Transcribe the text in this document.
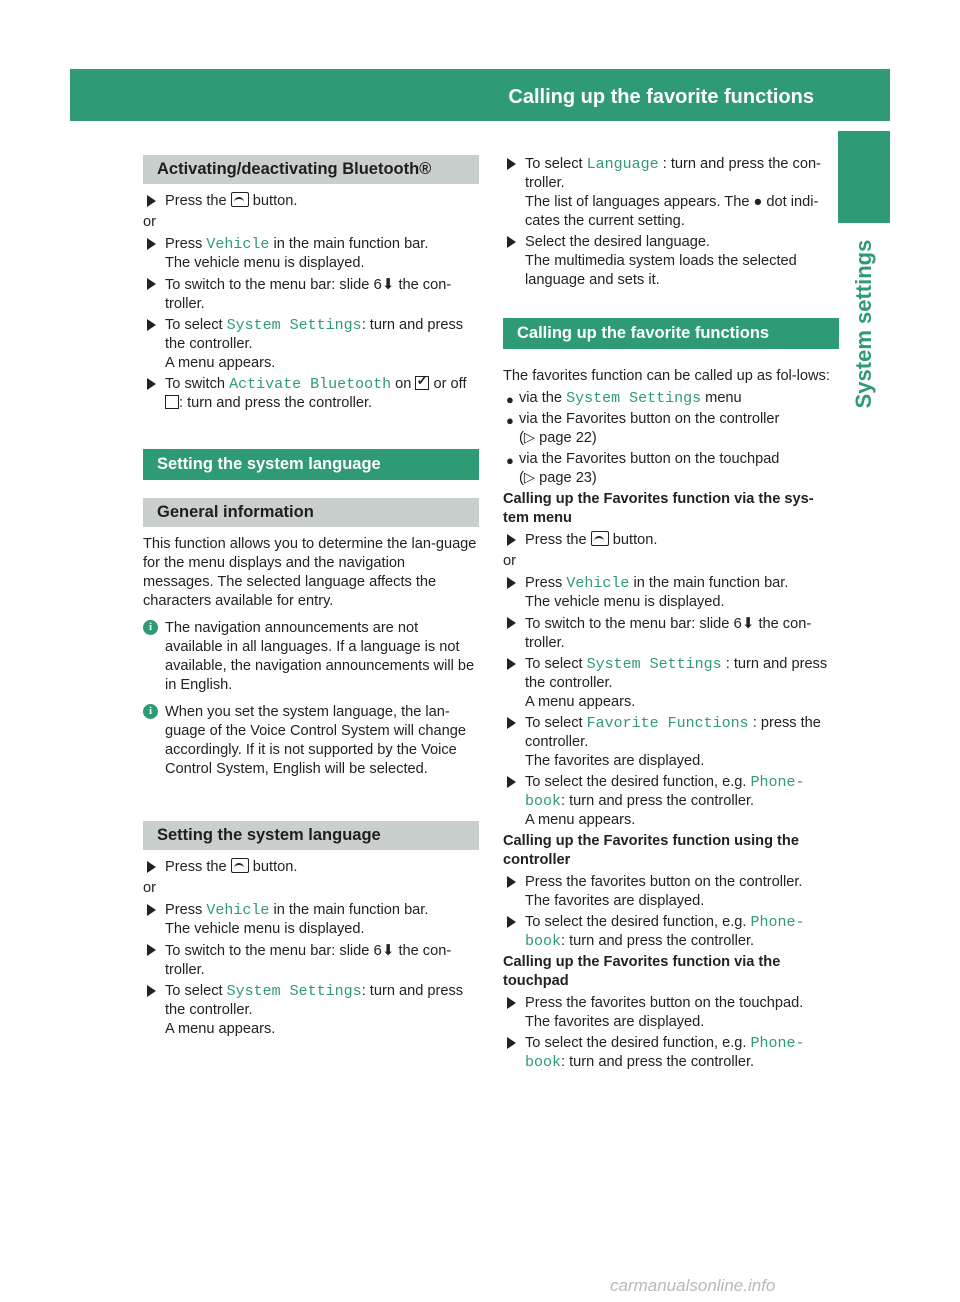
Calling up the favorite functions	41
System settings
Activating/deactivating Bluetooth®
Press the button.

or

Press Vehicle in the main function bar.
The vehicle menu is displayed.
To switch to the menu bar: slide 6⬇ the con-troller.
To select System Settings: turn and press the controller.
A menu appears.
To switch Activate Bluetooth on ✓ or off
: turn and press the controller.
Setting the system language
General information

This function allows you to determine the lan-guage for the menu displays and the navigation messages. The selected language affects the characters available for entry.

i The navigation announcements are not available in all languages. If a language is not available, the navigation announcements will be in English.
i When you set the system language, the lan-guage of the Voice Control System will change accordingly. If it is not supported by the Voice Control System, English will be selected.
Setting the system language
Press the button.

or

Press Vehicle in the main function bar.
The vehicle menu is displayed.
To switch to the menu bar: slide 6⬇ the con-troller.
To select System Settings: turn and press the controller.
A menu appears.
To select Language : turn and press the con-troller.
The list of languages appears. The ● dot indi-cates the current setting.
Select the desired language.
The multimedia system loads the selected language and sets it.
Calling up the favorite functions

The favorites function can be called up as fol-lows:

● via the System Settings menu
● via the Favorites button on the controller
(▷ page 22)
● via the Favorites button on the touchpad
(▷ page 23)

Calling up the Favorites function via the sys-tem menu

Press the button.

or

Press Vehicle in the main function bar.
The vehicle menu is displayed.
To switch to the menu bar: slide 6⬇ the con-troller.
To select System Settings : turn and press the controller.
A menu appears.
To select Favorite Functions : press the controller.
The favorites are displayed.
To select the desired function, e.g. Phone‑
book: turn and press the controller.
A menu appears.

Calling up the Favorites function using the controller

Press the favorites button on the controller.
The favorites are displayed.
To select the desired function, e.g. Phone‑
book: turn and press the controller.

Calling up the Favorites function via the touchpad

Press the favorites button on the touchpad.
The favorites are displayed.
To select the desired function, e.g. Phone‑
book: turn and press the controller.
carmanualsonline.info
